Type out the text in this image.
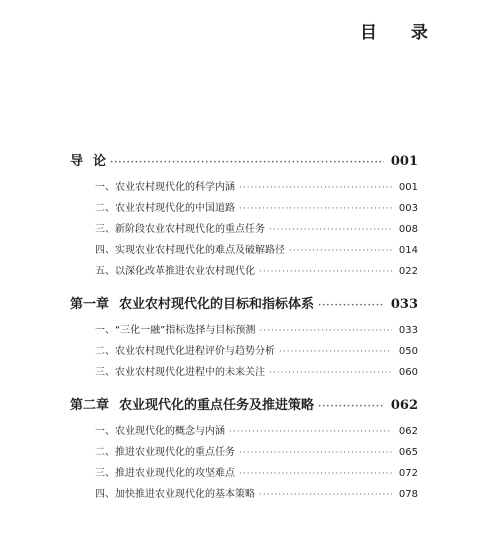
目 录
导 论 ·····	001
一、农业农村现代化的科学内涵 ·····	001
二、农业农村现代化的中国道路 ·····	003
三、新阶段农业农村现代化的重点任务 ·····	008
四、实现农业农村现代化的难点及破解路径 ·····	014
五、以深化改革推进农业农村现代化 ·····	022
第一章 农业农村现代化的目标和指标体系 ·····	033
一、“三化一融”指标选择与目标预测 ·····	033
二、农业农村现代化进程评价与趋势分析 ·····	050
三、农业农村现代化进程中的未来关注 ·····	060
第二章 农业现代化的重点任务及推进策略 ·····	062
一、农业现代化的概念与内涵 ·····	062
二、推进农业现代化的重点任务 ·····	065
三、推进农业现代化的攻坚难点 ·····	072
四、加快推进农业现代化的基本策略 ·····	078
